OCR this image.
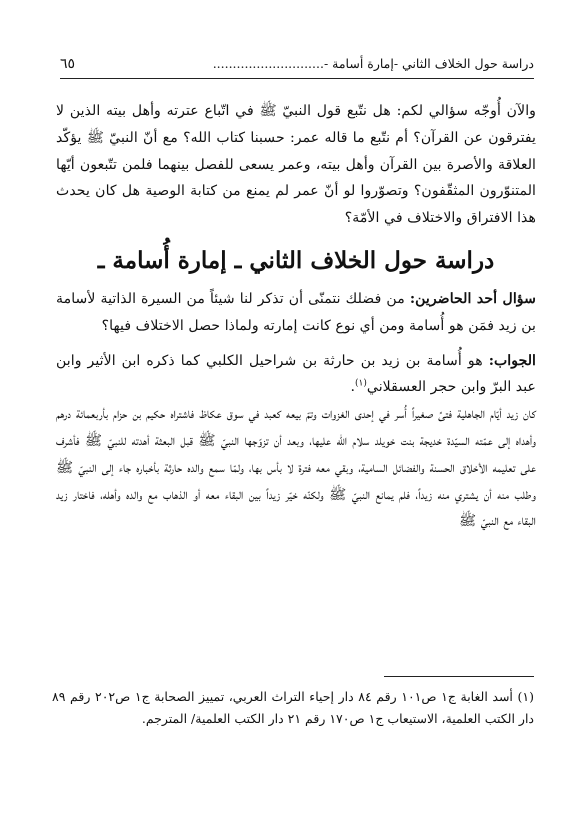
دراسة حول الخلاف الثاني -إمارة أسامة -............................
٦٥

والآن أُوجّه سؤالي لكم: هل نتّبع قول النبيّ ﷺ في اتّباع عترته وأهل بيته الذين لا يفترقون عن القرآن؟ أم نتّبع ما قاله عمر: حسبنا كتاب الله؟ مع أنّ النبيّ ﷺ يؤكّد العلاقة والأصرة بين القرآن وأهل بيته، وعمر يسعى للفصل بينهما فلمن تتّبعون أيّها المتنوّرون المثقّفون؟ وتصوّروا لو أنّ عمر لم يمنع من كتابة الوصية هل كان يحدث هذا الافتراق والاختلاف في الأمّة؟

دراسة حول الخلاف الثاني ـ إمارة أُسامة ـ

سؤال أحد الحاضرين: من فضلك نتمنّى أن تذكر لنا شيئاً من السيرة الذاتية لأسامة بن زيد فمَن هو أُسامة ومن أي نوع كانت إمارته ولماذا حصل الاختلاف فيها؟

الجواب: هو أُسامة بن زيد بن حارثة بن شراحيل الكلبي كما ذكره ابن الأثير وابن عبد البرّ وابن حجر العسقلاني$^{(١)}$.

كان زيد أيّام الجاهلية فتىً صغيراً أُسر في إحدى الغزوات وتمّ بيعه كعبد في سوق عكاظ فاشتراه حكيم بن حزام بأربعمائة درهم وأهداه إلى عمّته السيّدة خديجة بنت خويلد سلام الله عليها، وبعد أن تزوّجها النبيّ ﷺ قبل البعثة أهدته للنبيّ ﷺ فأشرف على تعليمه الأخلاق الحسنة والفضائل السامية، وبقي معه فترة لا بأس بها، ولمّا سمع والده حارثة بأخباره جاء إلى النبيّ ﷺ وطلب منه أن يشتري منه زيداً، فلم يمانع النبيّ ﷺ ولكنّه خيّر زيداً بين البقاء معه أو الذهاب مع والده وأهله، فاختار زيد البقاء مع النبيّ ﷺ

(١) أسد الغابة ج١ ص١٠١ رقم ٨٤ دار إحياء التراث العربي، تمييز الصحابة ج١ ص٢٠٢ رقم ٨٩ دار الكتب العلمية، الاستيعاب ج١ ص١٧٠ رقم ٢١ دار الكتب العلمية/ المترجم.
